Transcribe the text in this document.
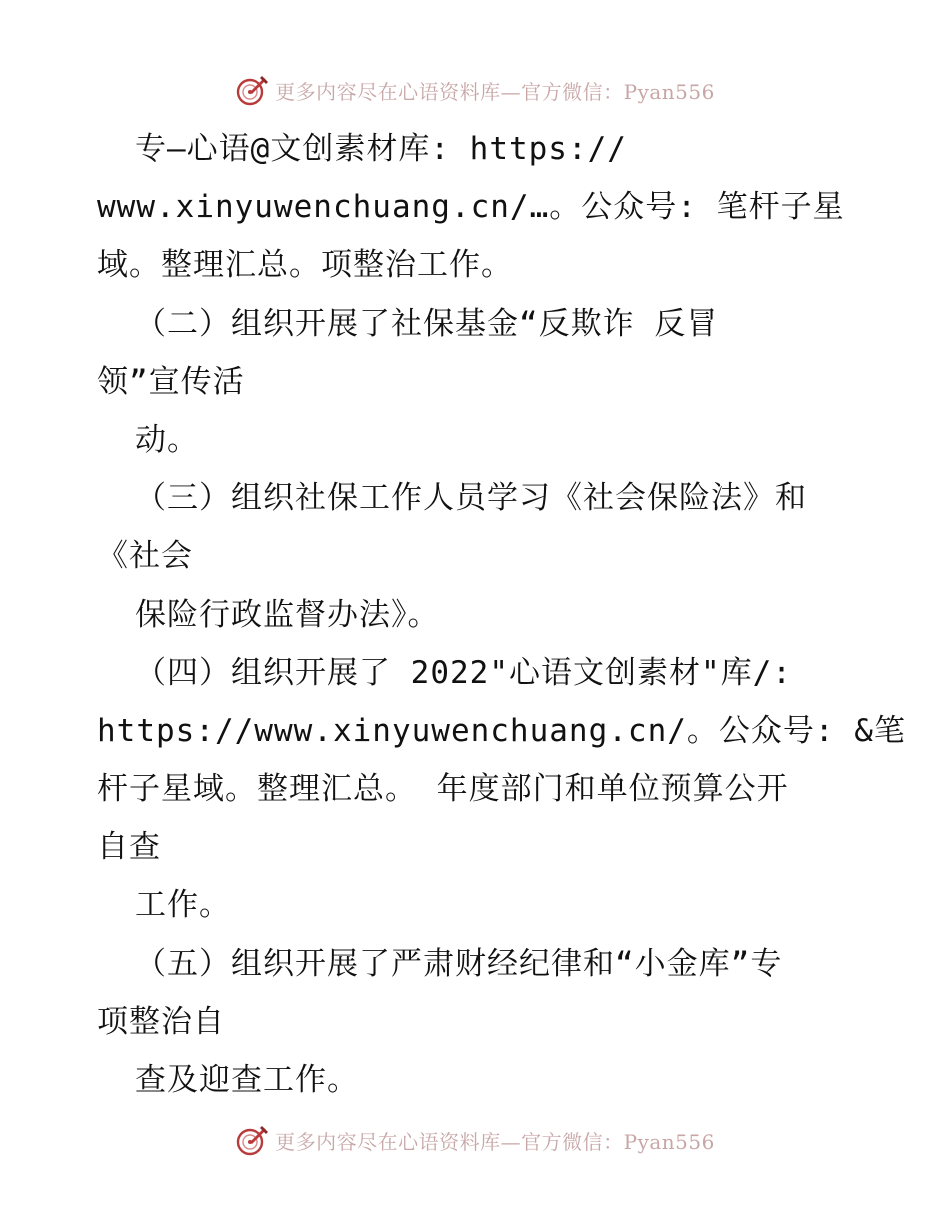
更多内容尽在心语资料库—官方微信：Pyan556
专—心语@文创素材库: https://
www.xinyuwenchuang.cn/…。公众号: 笔杆子星
域。整理汇总。项整治工作。
（二）组织开展了社保基金“反欺诈 反冒
领”宣传活
动。
（三）组织社保工作人员学习《社会保险法》和
《社会
保险行政监督办法》。
（四）组织开展了 2022"心语文创素材"库/:
https://www.xinyuwenchuang.cn/。公众号: &笔
杆子星域。整理汇总。 年度部门和单位预算公开
自查
工作。
（五）组织开展了严肃财经纪律和“小金库”专
项整治自
查及迎查工作。
更多内容尽在心语资料库—官方微信：Pyan556
